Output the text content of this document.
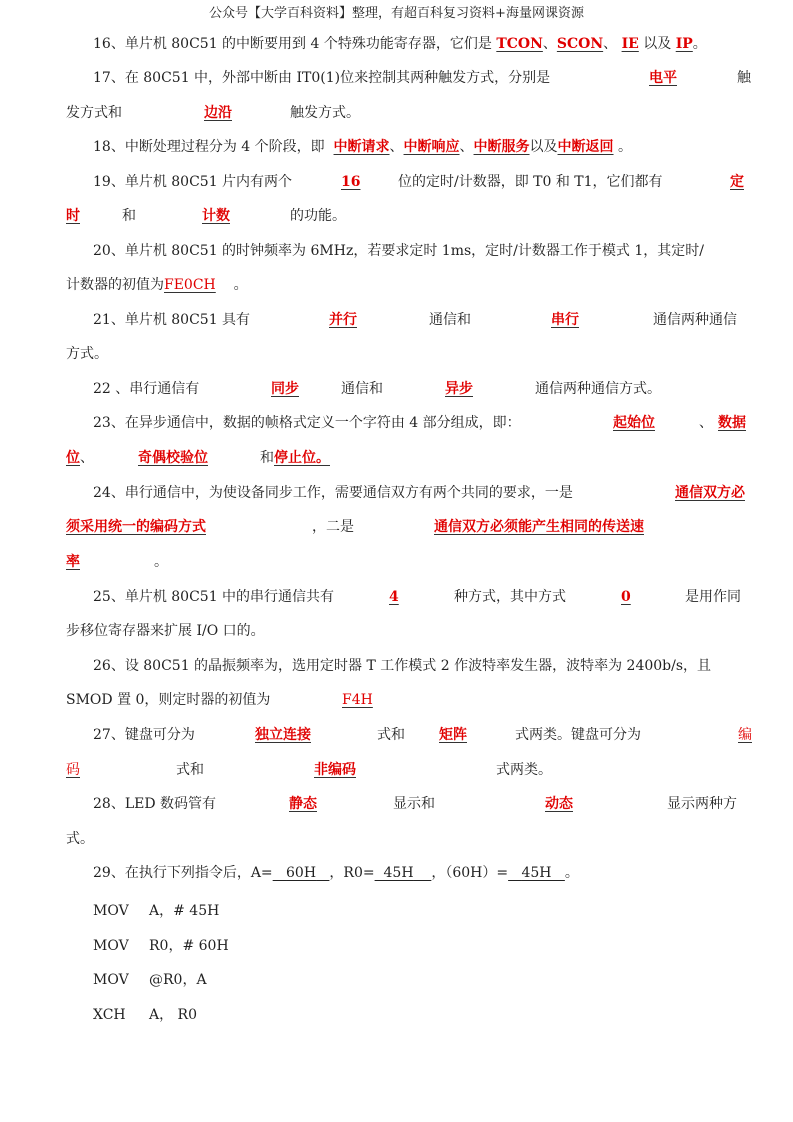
公众号【大学百科资料】整理，有超百科复习资料+海量网课资源
16、单片机 80C51 的中断要用到 4 个特殊功能寄存器，它们是 TCON、SCON、 IE 以及 IP。
17、在 80C51 中，外部中断由 IT0(1)位来控制其两种触发方式，分别是	电平	触
发方式和	边沿	触发方式。
18、中断处理过程分为 4 个阶段，即 中断请求、中断响应、中断服务以及中断返回 。
19、单片机 80C51 片内有两个	16	位的定时/计数器，即 T0 和 T1，它们都有	定
时	和	计数	的功能。
20、单片机 80C51 的时钟频率为 6MHz，若要求定时 1ms，定时/计数器工作于模式 1，其定时/
计数器的初值为FE0CH 。
21、单片机 80C51 具有	并行	通信和	串行	通信两种通信
方式。
22 、串行通信有	同步	通信和	异步	通信两种通信方式。
23、在异步通信中，数据的帧格式定义一个字符由 4 部分组成，即：	起始位	、 数据
位、	奇偶校验位	和 停止位。
24、串行通信中，为使设备同步工作，需要通信双方有两个共同的要求，一是	通信双方必
须采用统一的编码方式	，二是	通信双方必须能产生相同的传送速
率	。
25、单片机 80C51 中的串行通信共有	4	种方式，其中方式	0	是用作同
步移位寄存器来扩展 I/O 口的。
26、设 80C51 的晶振频率为，选用定时器 T 工作模式 2 作波特率发生器，波特率为 2400b/s，且
SMOD 置 0，则定时器的初值为	F4H
27、键盘可分为	独立连接	式和 矩阵	式两类。键盘可分为	编
码	式和	非编码	式两类。
28、LED 数码管有	静态	显示和	动态	显示两种方
式。
29、在执行下列指令后，A= 60H ，R0= 45H ，（60H）= 45H 。
MOV A，# 45H
MOV R0，# 60H
MOV @R0，A
XCH A， R0
